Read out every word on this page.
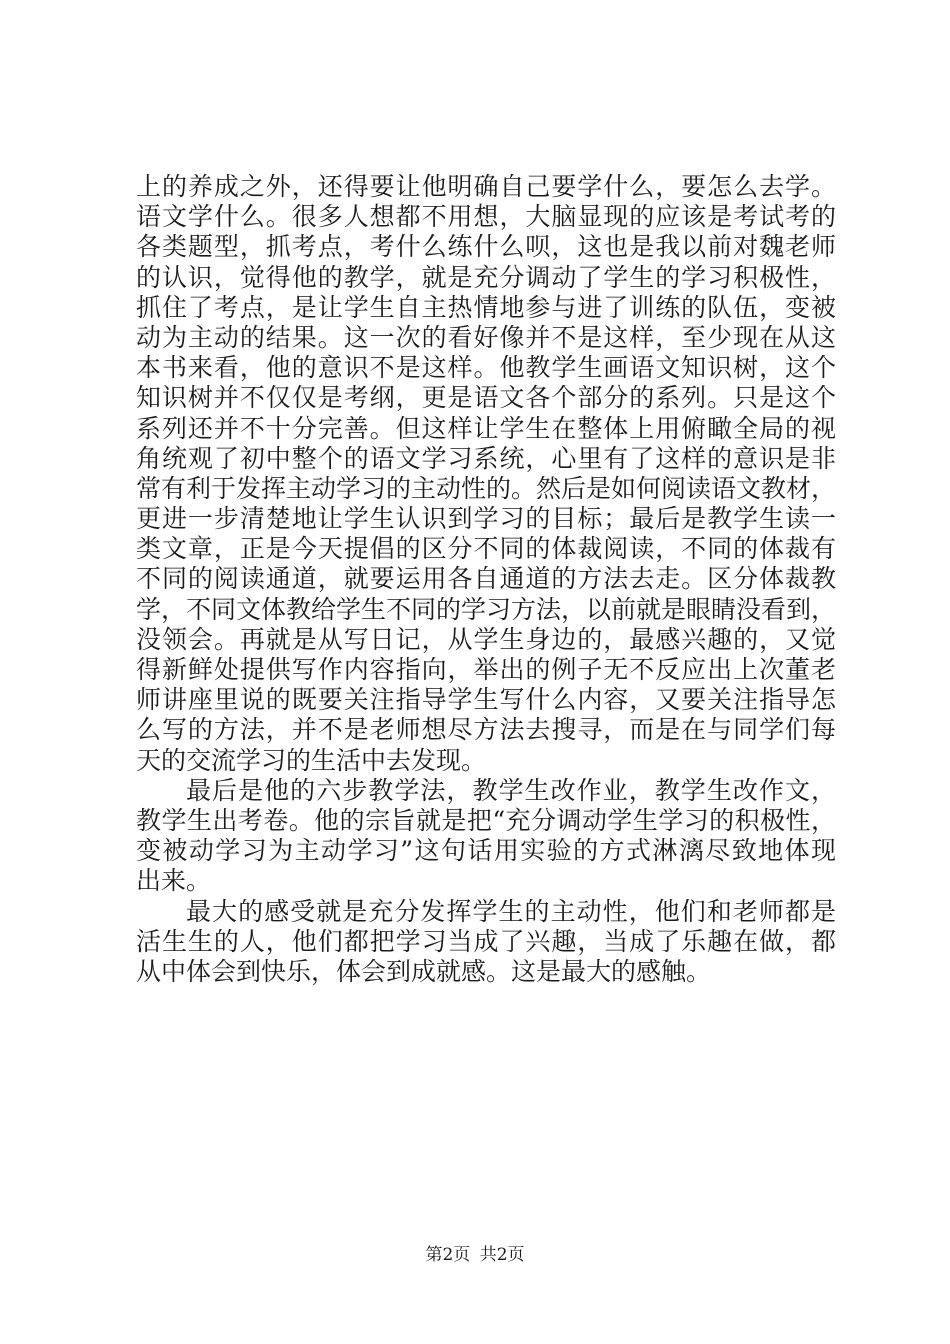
上的养成之外，还得要让他明确自己要学什么，要怎么去学。
语文学什么。很多人想都不用想，大脑显现的应该是考试考的
各类题型，抓考点，考什么练什么呗，这也是我以前对魏老师
的认识，觉得他的教学，就是充分调动了学生的学习积极性，
抓住了考点，是让学生自主热情地参与进了训练的队伍，变被
动为主动的结果。这一次的看好像并不是这样，至少现在从这
本书来看，他的意识不是这样。他教学生画语文知识树，这个
知识树并不仅仅是考纲，更是语文各个部分的系列。只是这个
系列还并不十分完善。但这样让学生在整体上用俯瞰全局的视
角统观了初中整个的语文学习系统，心里有了这样的意识是非
常有利于发挥主动学习的主动性的。然后是如何阅读语文教材，
更进一步清楚地让学生认识到学习的目标；最后是教学生读一
类文章，正是今天提倡的区分不同的体裁阅读，不同的体裁有
不同的阅读通道，就要运用各自通道的方法去走。区分体裁教
学，不同文体教给学生不同的学习方法，以前就是眼睛没看到，
没领会。再就是从写日记，从学生身边的，最感兴趣的，又觉
得新鲜处提供写作内容指向，举出的例子无不反应出上次董老
师讲座里说的既要关注指导学生写什么内容，又要关注指导怎
么写的方法，并不是老师想尽方法去搜寻，而是在与同学们每
天的交流学习的生活中去发现。
最后是他的六步教学法，教学生改作业，教学生改作文，
教学生出考卷。他的宗旨就是把“充分调动学生学习的积极性，
变被动学习为主动学习”这句话用实验的方式淋漓尽致地体现
出来。
最大的感受就是充分发挥学生的主动性，他们和老师都是
活生生的人，他们都把学习当成了兴趣，当成了乐趣在做，都
从中体会到快乐，体会到成就感。这是最大的感触。
第2页 共2页
